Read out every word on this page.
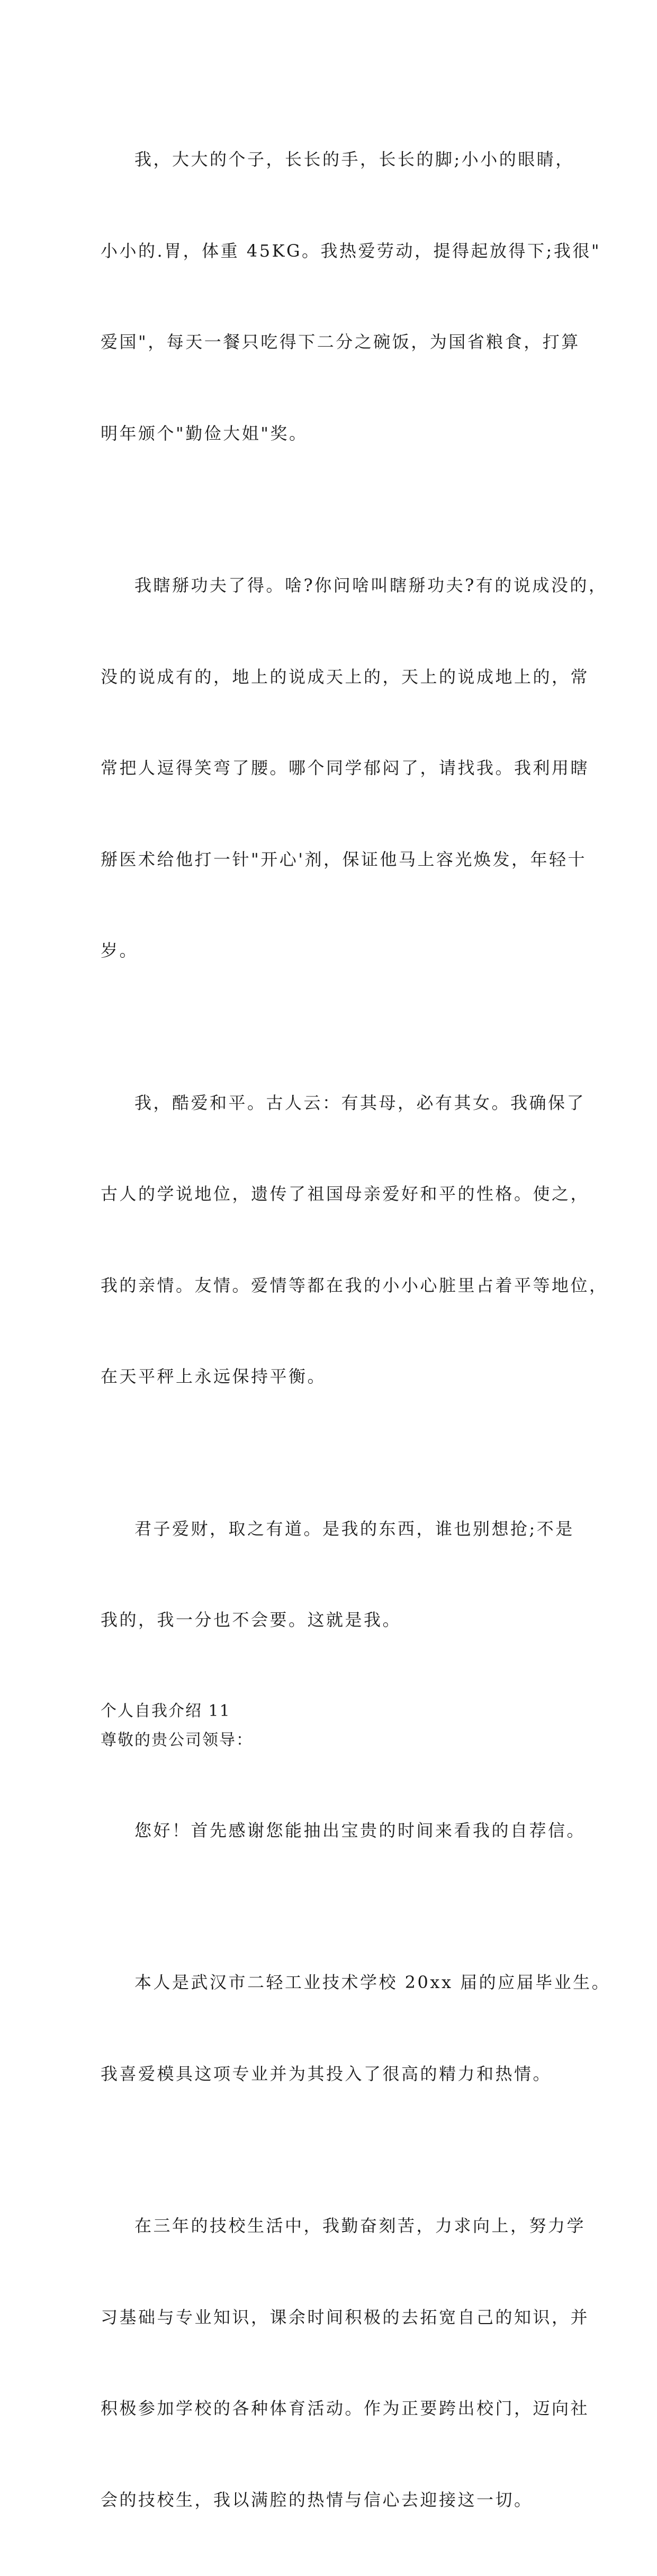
我，大大的个子，长长的手，长长的脚;小小的眼睛，

小小的.胃，体重 45KG。我热爱劳动，提得起放得下;我很"

爱国"，每天一餐只吃得下二分之碗饭，为国省粮食，打算

明年颁个"勤俭大姐"奖。

我瞎掰功夫了得。啥?你问啥叫瞎掰功夫?有的说成没的，

没的说成有的，地上的说成天上的，天上的说成地上的，常

常把人逗得笑弯了腰。哪个同学郁闷了，请找我。我利用瞎

掰医术给他打一针"开心'剂，保证他马上容光焕发，年轻十

岁。

我，酷爱和平。古人云：有其母，必有其女。我确保了

古人的学说地位，遗传了祖国母亲爱好和平的性格。使之，

我的亲情。友情。爱情等都在我的小小心脏里占着平等地位，

在天平秤上永远保持平衡。

君子爱财，取之有道。是我的东西，谁也别想抢;不是

我的，我一分也不会要。这就是我。

个人自我介绍 11

尊敬的贵公司领导：

您好！首先感谢您能抽出宝贵的时间来看我的自荐信。

本人是武汉市二轻工业技术学校 20xx 届的应届毕业生。

我喜爱模具这项专业并为其投入了很高的精力和热情。

在三年的技校生活中，我勤奋刻苦，力求向上，努力学

习基础与专业知识，课余时间积极的去拓宽自己的知识，并

积极参加学校的各种体育活动。作为正要跨出校门，迈向社

会的技校生，我以满腔的热情与信心去迎接这一切。
